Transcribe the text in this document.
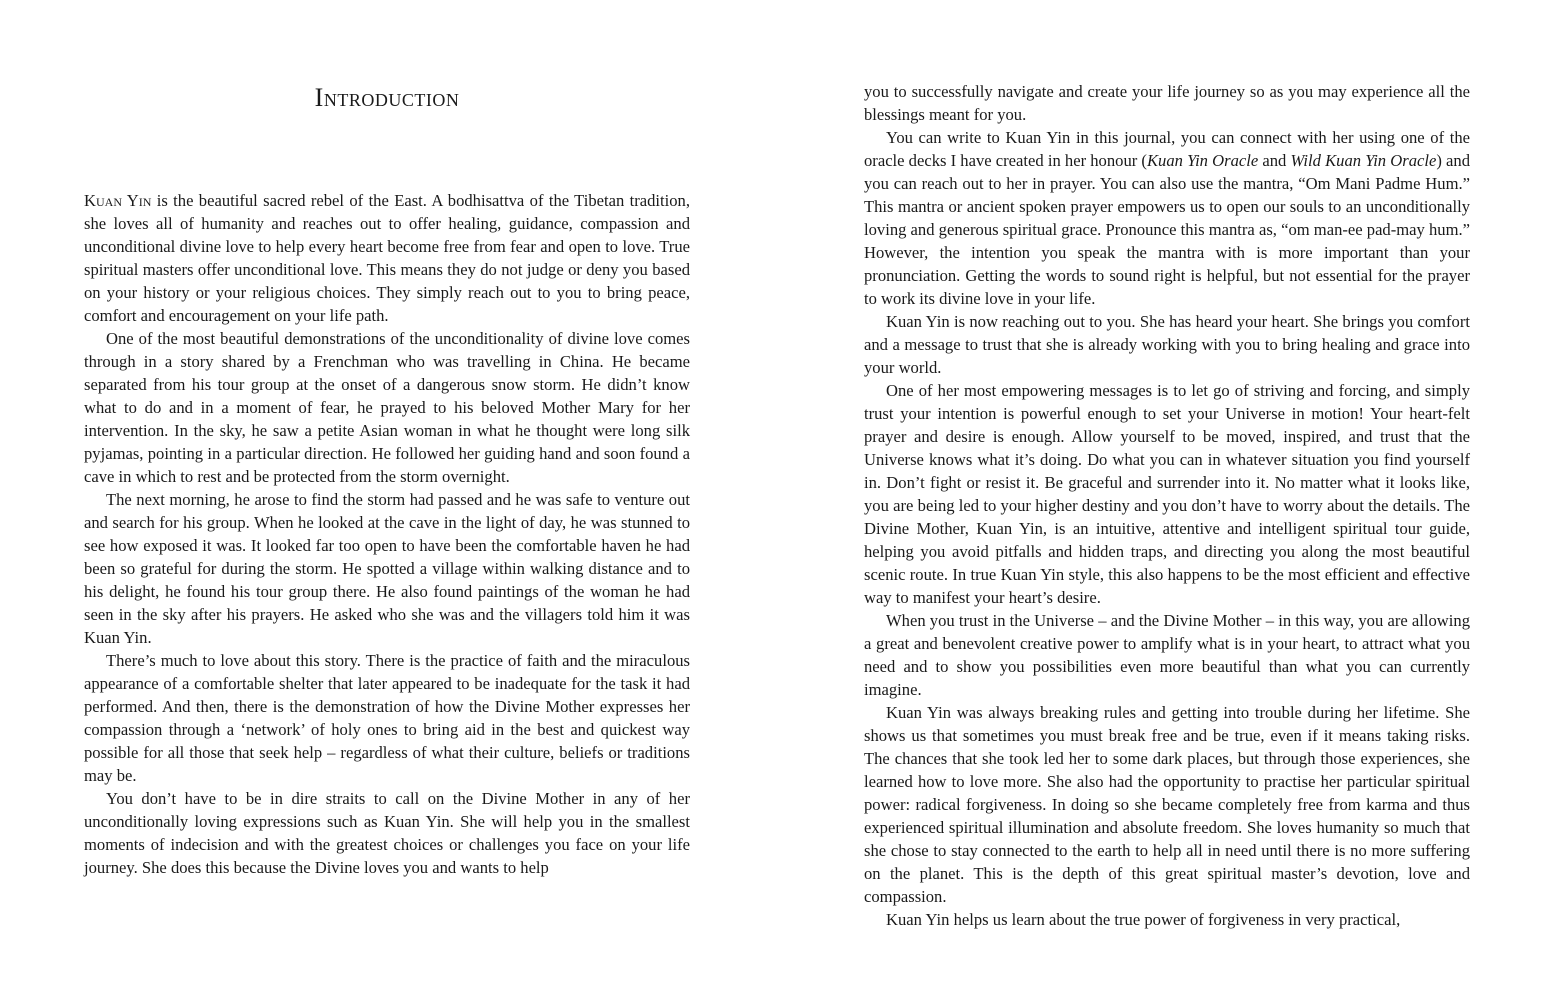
Introduction

Kuan Yin is the beautiful sacred rebel of the East. A bodhisattva of the Tibetan tradition, she loves all of humanity and reaches out to offer healing, guidance, compassion and unconditional divine love to help every heart become free from fear and open to love. True spiritual masters offer unconditional love. This means they do not judge or deny you based on your history or your religious choices. They simply reach out to you to bring peace, comfort and encouragement on your life path.

One of the most beautiful demonstrations of the unconditionality of divine love comes through in a story shared by a Frenchman who was travelling in China. He became separated from his tour group at the onset of a dangerous snow storm. He didn’t know what to do and in a moment of fear, he prayed to his beloved Mother Mary for her intervention. In the sky, he saw a petite Asian woman in what he thought were long silk pyjamas, pointing in a particular direction. He followed her guiding hand and soon found a cave in which to rest and be protected from the storm overnight.

The next morning, he arose to find the storm had passed and he was safe to venture out and search for his group. When he looked at the cave in the light of day, he was stunned to see how exposed it was. It looked far too open to have been the comfortable haven he had been so grateful for during the storm. He spotted a village within walking distance and to his delight, he found his tour group there. He also found paintings of the woman he had seen in the sky after his prayers. He asked who she was and the villagers told him it was Kuan Yin.

There’s much to love about this story. There is the practice of faith and the miraculous appearance of a comfortable shelter that later appeared to be inadequate for the task it had performed. And then, there is the demonstration of how the Divine Mother expresses her compassion through a ‘network’ of holy ones to bring aid in the best and quickest way possible for all those that seek help – regardless of what their culture, beliefs or traditions may be.

You don’t have to be in dire straits to call on the Divine Mother in any of her unconditionally loving expressions such as Kuan Yin. She will help you in the smallest moments of indecision and with the greatest choices or challenges you face on your life journey. She does this because the Divine loves you and wants to help

you to successfully navigate and create your life journey so as you may experience all the blessings meant for you.

You can write to Kuan Yin in this journal, you can connect with her using one of the oracle decks I have created in her honour (Kuan Yin Oracle and Wild Kuan Yin Oracle) and you can reach out to her in prayer. You can also use the mantra, “Om Mani Padme Hum.” This mantra or ancient spoken prayer empowers us to open our souls to an unconditionally loving and generous spiritual grace. Pronounce this mantra as, “om man-ee pad-may hum.” However, the intention you speak the mantra with is more important than your pronunciation. Getting the words to sound right is helpful, but not essential for the prayer to work its divine love in your life.

Kuan Yin is now reaching out to you. She has heard your heart. She brings you comfort and a message to trust that she is already working with you to bring healing and grace into your world.

One of her most empowering messages is to let go of striving and forcing, and simply trust your intention is powerful enough to set your Universe in motion! Your heart-felt prayer and desire is enough. Allow yourself to be moved, inspired, and trust that the Universe knows what it’s doing. Do what you can in whatever situation you find yourself in. Don’t fight or resist it. Be graceful and surrender into it. No matter what it looks like, you are being led to your higher destiny and you don’t have to worry about the details. The Divine Mother, Kuan Yin, is an intuitive, attentive and intelligent spiritual tour guide, helping you avoid pitfalls and hidden traps, and directing you along the most beautiful scenic route. In true Kuan Yin style, this also happens to be the most efficient and effective way to manifest your heart’s desire.

When you trust in the Universe – and the Divine Mother – in this way, you are allowing a great and benevolent creative power to amplify what is in your heart, to attract what you need and to show you possibilities even more beautiful than what you can currently imagine.

Kuan Yin was always breaking rules and getting into trouble during her lifetime. She shows us that sometimes you must break free and be true, even if it means taking risks. The chances that she took led her to some dark places, but through those experiences, she learned how to love more. She also had the opportunity to practise her particular spiritual power: radical forgiveness. In doing so she became completely free from karma and thus experienced spiritual illumination and absolute freedom. She loves humanity so much that she chose to stay connected to the earth to help all in need until there is no more suffering on the planet. This is the depth of this great spiritual master’s devotion, love and compassion.

Kuan Yin helps us learn about the true power of forgiveness in very practical,
